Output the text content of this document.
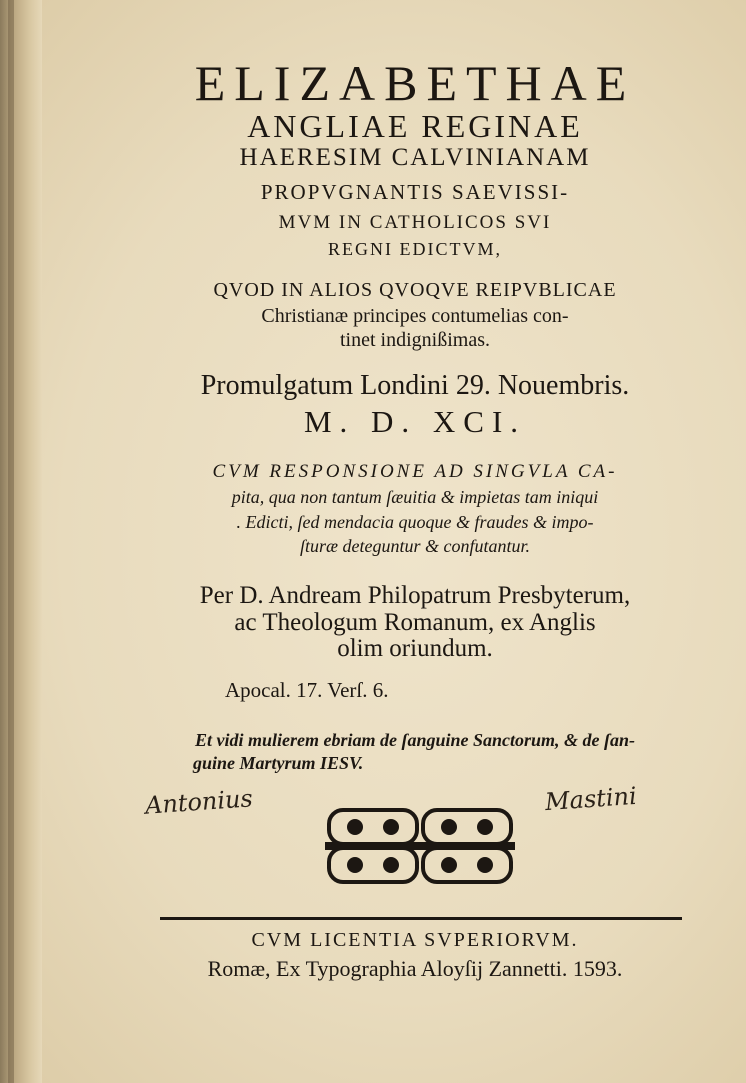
ELIZABETHAE
ANGLIAE REGINAE
HAERESIM CALVINIANAM
PROPVGNANTIS SAEVISSI-
MVM IN CATHOLICOS SVI
REGNI EDICTVM,
QVOD IN ALIOS QVOQVE REIPVBLICAE
Christianæ principes contumelias con-
tinet indignißimas.
Promulgatum Londini 29. Nouembris.
M. D. XCI.
CVM RESPONSIONE AD SINGVLA CA-
pita, qua non tantum ſæuitia & impietas tam iniqui
. Edicti, ſed mendacia quoque & fraudes & impo-
ſturæ deteguntur & confutantur.
Per D. Andream Philopatrum Presbyterum,
ac Theologum Romanum, ex Anglis
olim oriundum.
Apocal. 17. Verſ. 6.
Et vidi mulierem ebriam de ſanguine Sanctorum, & de ſan-
guine Martyrum IESV.
Antonius	Mastini
CVM LICENTIA SVPERIORVM.
Romæ, Ex Typographia Aloyſij Zannetti. 1593.
